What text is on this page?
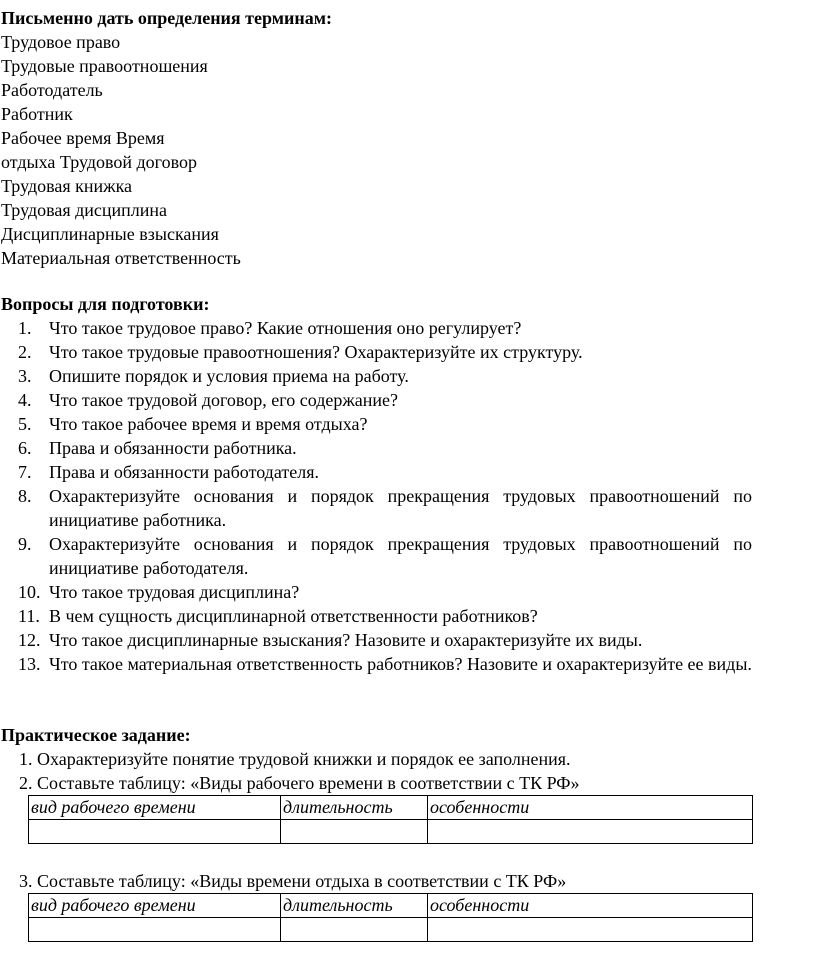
Письменно дать определения терминам:
Трудовое право
Трудовые правоотношения
Работодатель
Работник
Рабочее время Время
отдыха Трудовой договор
Трудовая книжка
Трудовая дисциплина
Дисциплинарные взыскания
Материальная ответственность
Вопросы для подготовки:
1. Что такое трудовое право? Какие отношения оно регулирует?
2. Что такое трудовые правоотношения? Охарактеризуйте их структуру.
3. Опишите порядок и условия приема на работу.
4. Что такое трудовой договор, его содержание?
5. Что такое рабочее время и время отдыха?
6. Права и обязанности работника.
7. Права и обязанности работодателя.
8. Охарактеризуйте основания и порядок прекращения трудовых правоотношений по инициативе работника.
9. Охарактеризуйте основания и порядок прекращения трудовых правоотношений по инициативе работодателя.
10. Что такое трудовая дисциплина?
11. В чем сущность дисциплинарной ответственности работников?
12. Что такое дисциплинарные взыскания? Назовите и охарактеризуйте их виды.
13. Что такое материальная ответственность работников? Назовите и охарактеризуйте ее виды.
Практическое задание:
1. Охарактеризуйте понятие трудовой книжки и порядок ее заполнения.
2. Составьте таблицу: «Виды рабочего времени в соответствии с ТК РФ»
вид рабочего времени	длительность	особенности

3. Составьте таблицу: «Виды времени отдыха в соответствии с ТК РФ»
вид рабочего времени	длительность	особенности
